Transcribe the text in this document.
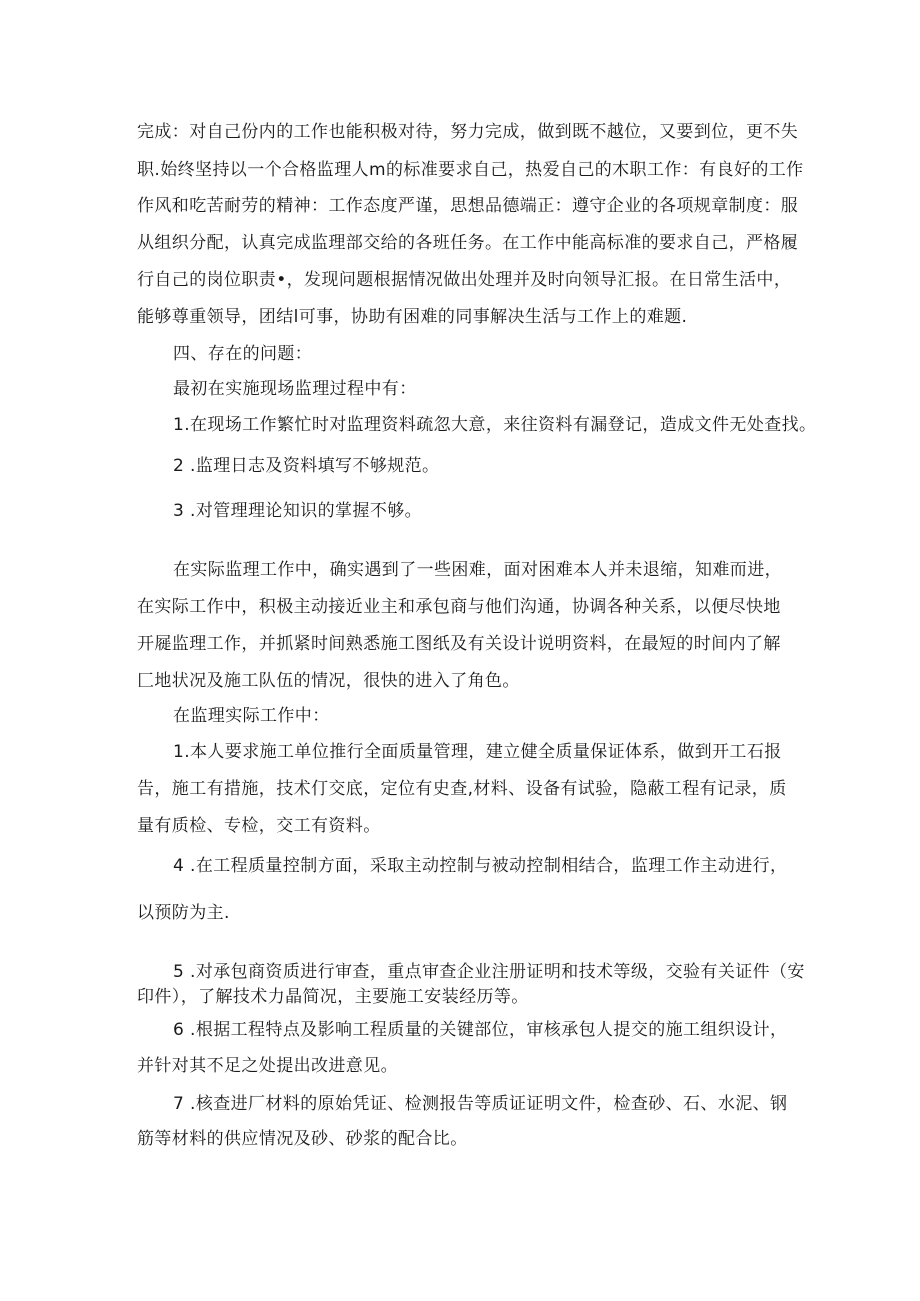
完成：对自己份内的工作也能积极对待，努力完成，做到既不越位，又要到位，更不失
职.始终坚持以一个合格监理人m的标准要求自己，热爱自己的木职工作：有良好的工作
作风和吃苦耐劳的精神：工作态度严谨，思想品德端正：遵守企业的各项规章制度：服
从组织分配，认真完成监理部交给的各班任务。在工作中能高标准的要求自己，严格履
行自己的岗位职责•，发现问题根据情况做出处理并及时向领导汇报。在日常生活中，
能够尊重领导，团结l可事，协助有困难的同事解决生活与工作上的难题.
四、存在的问题：
最初在实施现场监理过程中有：
1.在现场工作繁忙时对监理资料疏忽大意，来往资料有漏登记，造成文件无处查找。
2 .监理日志及资料填写不够规范。
3 .对管理理论知识的掌握不够。
在实际监理工作中，确实遇到了一些困难，面对困难本人并未退缩，知难而进，
在实际工作中，积极主动接近业主和承包商与他们沟通，协调各种关系，以便尽快地
开屣监理工作，并抓紧时间熟悉施工图纸及有关设计说明资料，在最短的时间内了解
匚地状况及施工队伍的情况，很快的进入了角色。
在监理实际工作中：
1.本人要求施工单位推行全面质量管理，建立健全质量保证体系，做到开工石报
告，施工有措施，技术仃交底，定位有史查,材料、设备有试验，隐蔽工程有记录，质
量有质检、专检，交工有资料。
4 .在工程质量控制方面，采取主动控制与被动控制相结合，监理工作主动进行，
以预防为主.
5 .对承包商资质进行审查，重点审查企业注册证明和技术等级，交验有关证件（安
印件），了解技术力晶简况，主要施工安装经历等。
6 .根据工程特点及影响工程质量的关键部位，审核承包人提交的施工组织设计，
并针对其不足之处提出改进意见。
7 .核查进厂材料的原始凭证、检测报告等质证证明文件，检查砂、石、水泥、钢
筋等材料的供应情况及砂、砂浆的配合比。
